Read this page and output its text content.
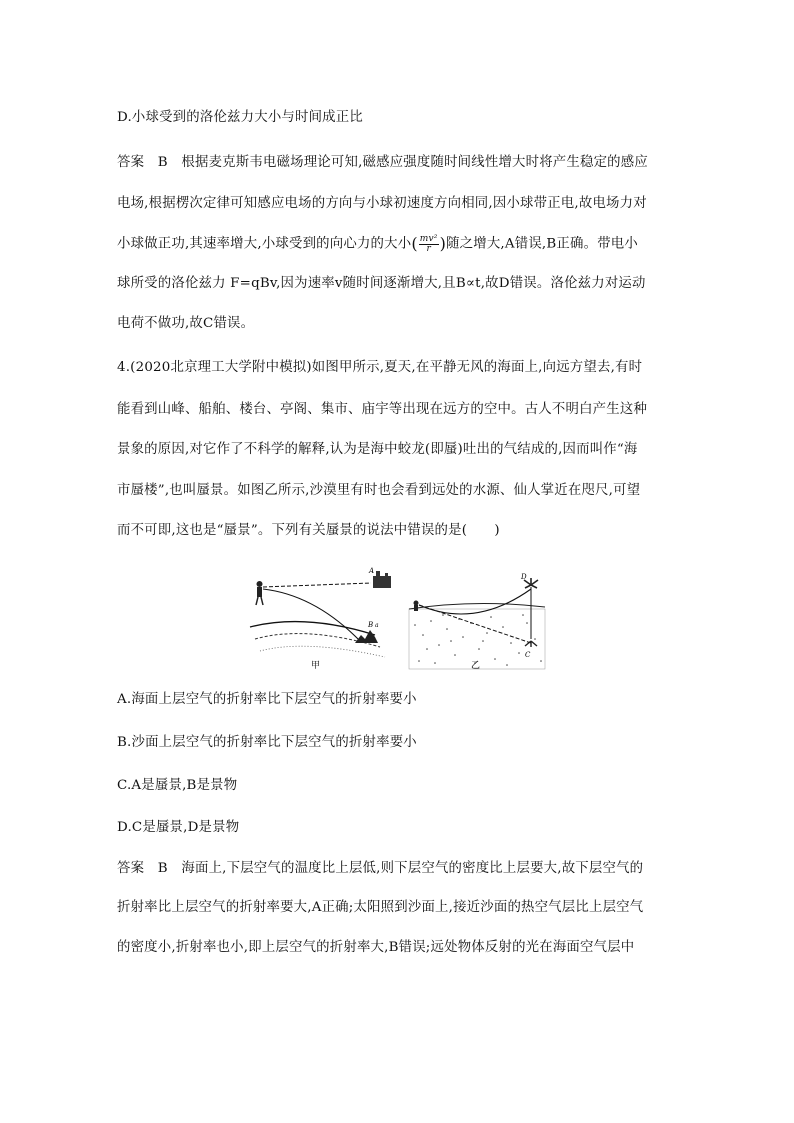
D.小球受到的洛伦兹力大小与时间成正比
答案　B　根据麦克斯韦电磁场理论可知,磁感应强度随时间线性增大时将产生稳定的感应
电场,根据楞次定律可知感应电场的方向与小球初速度方向相同,因小球带正电,故电场力对
小球做正功,其速率增大,小球受到的向心力的大小( $\frac{\text{mv²}}{r}$ )随之增大,A错误,B正确。带电小
球所受的洛伦兹力 F=qBv,因为速率v随时间逐渐增大,且B∝t,故D错误。洛伦兹力对运动
电荷不做功,故C错误。
4.(2020北京理工大学附中模拟)如图甲所示,夏天,在平静无风的海面上,向远方望去,有时
能看到山峰、船舶、楼台、亭阁、集市、庙宇等出现在远方的空中。古人不明白产生这种
景象的原因,对它作了不科学的解释,认为是海中蛟龙(即蜃)吐出的气结成的,因而叫作“海
市蜃楼”,也叫蜃景。如图乙所示,沙漠里有时也会看到远处的水源、仙人掌近在咫尺,可望
而不可即,这也是“蜃景”。下列有关蜃景的说法中错误的是(　　)
A
B a
甲
D
C
乙
A.海面上层空气的折射率比下层空气的折射率要小
B.沙面上层空气的折射率比下层空气的折射率要小
C.A是蜃景,B是景物
D.C是蜃景,D是景物
答案　B　海面上,下层空气的温度比上层低,则下层空气的密度比上层要大,故下层空气的
折射率比上层空气的折射率要大,A正确;太阳照到沙面上,接近沙面的热空气层比上层空气
的密度小,折射率也小,即上层空气的折射率大,B错误;远处物体反射的光在海面空气层中
